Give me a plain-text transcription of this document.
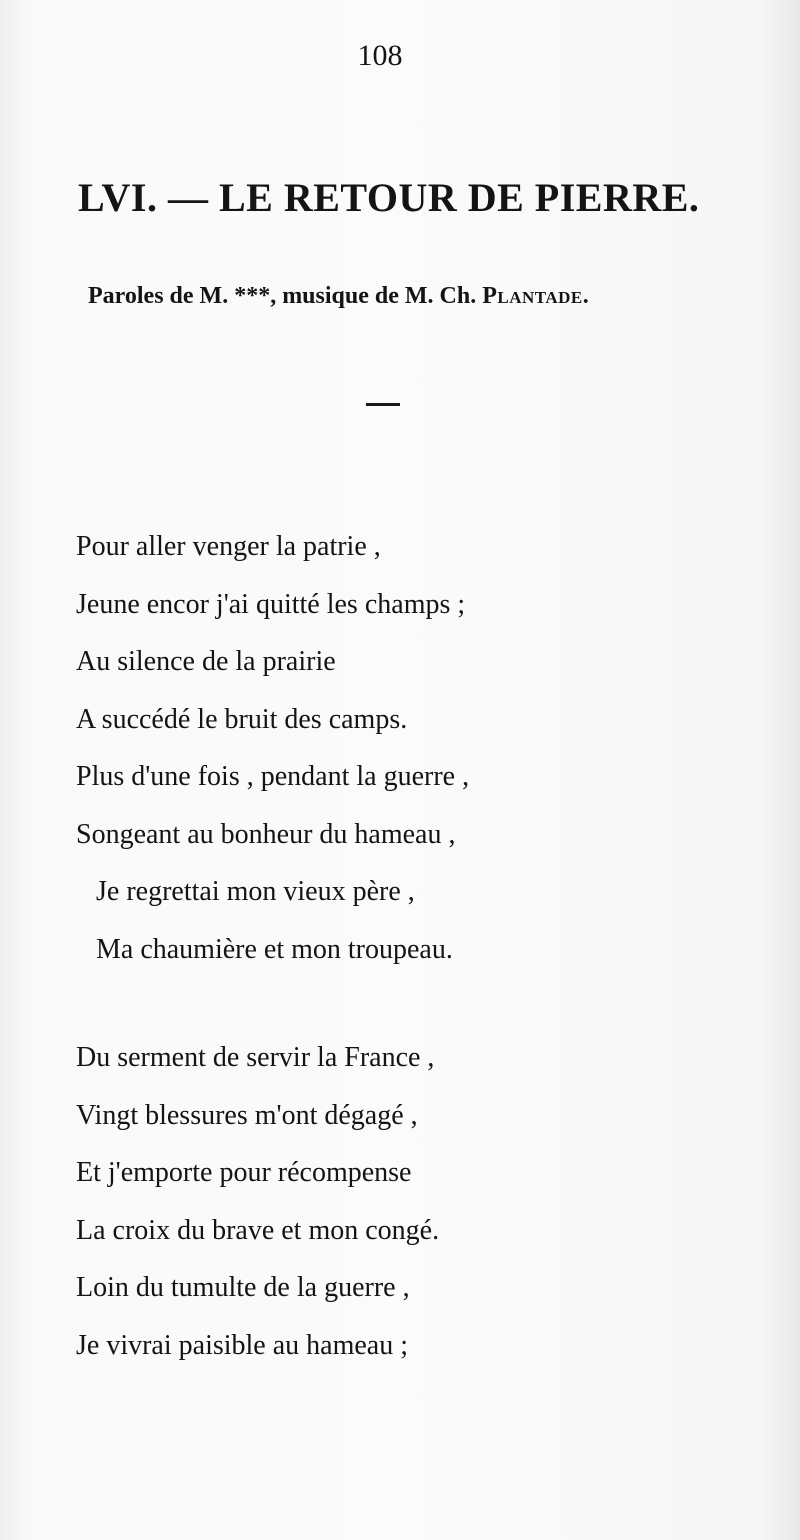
108
LVI. — LE RETOUR DE PIERRE.
Paroles de M. ***, musique de M. Ch. Plantade.
Pour aller venger la patrie ,
Jeune encor j'ai quitté les champs ;
Au silence de la prairie
A succédé le bruit des camps.
Plus d'une fois , pendant la guerre ,
Songeant au bonheur du hameau ,
Je regrettai mon vieux père ,
Ma chaumière et mon troupeau.
Du serment de servir la France ,
Vingt blessures m'ont dégagé ,
Et j'emporte pour récompense
La croix du brave et mon congé.
Loin du tumulte de la guerre ,
Je vivrai paisible au hameau ;
